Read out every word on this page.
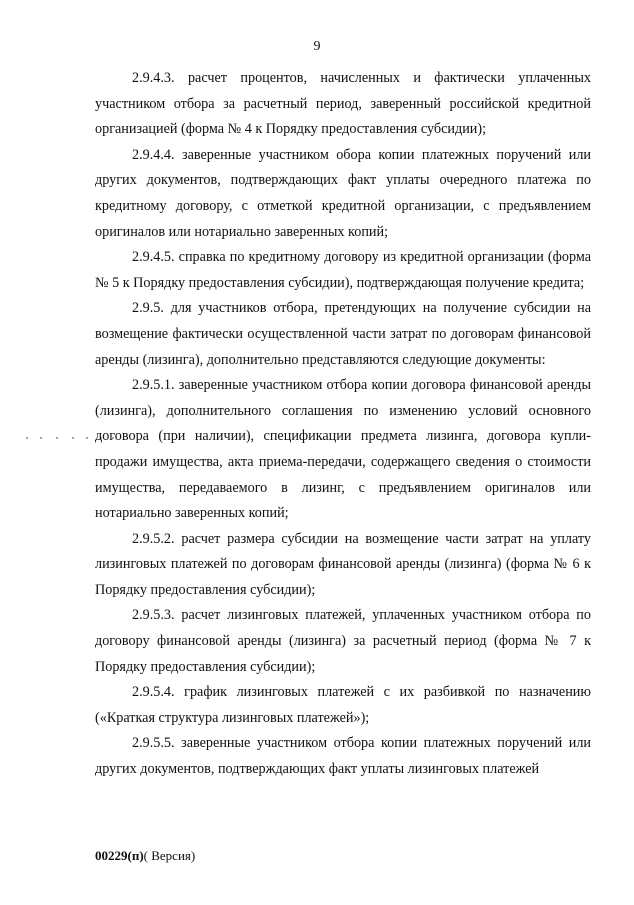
9

2.9.4.3. расчет процентов, начисленных и фактически уплаченных участником отбора за расчетный период, заверенный российской кредитной организацией (форма № 4 к Порядку предоставления субсидии);

2.9.4.4. заверенные участником обора копии платежных поручений или других документов, подтверждающих факт уплаты очередного платежа по кредитному договору, с отметкой кредитной организации, с предъявлением оригиналов или нотариально заверенных копий;

2.9.4.5. справка по кредитному договору из кредитной организации (форма № 5 к Порядку предоставления субсидии), подтверждающая получение кредита;

2.9.5. для участников отбора, претендующих на получение субсидии на возмещение фактически осуществленной части затрат по договорам финансовой аренды (лизинга), дополнительно представляются следующие документы:

2.9.5.1. заверенные участником отбора копии договора финансовой аренды (лизинга), дополнительного соглашения по изменению условий основного договора (при наличии), спецификации предмета лизинга, договора купли-продажи имущества, акта приема-передачи, содержащего сведения о стоимости имущества, передаваемого в лизинг, с предъявлением оригиналов или нотариально заверенных копий;

2.9.5.2. расчет размера субсидии на возмещение части затрат на уплату лизинговых платежей по договорам финансовой аренды (лизинга) (форма № 6 к Порядку предоставления субсидии);

2.9.5.3. расчет лизинговых платежей, уплаченных участником отбора по договору финансовой аренды (лизинга) за расчетный период (форма № 7 к Порядку предоставления субсидии);

2.9.5.4. график лизинговых платежей с их разбивкой по назначению («Краткая структура лизинговых платежей»);

2.9.5.5. заверенные участником отбора копии платежных поручений или других документов, подтверждающих факт уплаты лизинговых платежей

00229(п)( Версия)
